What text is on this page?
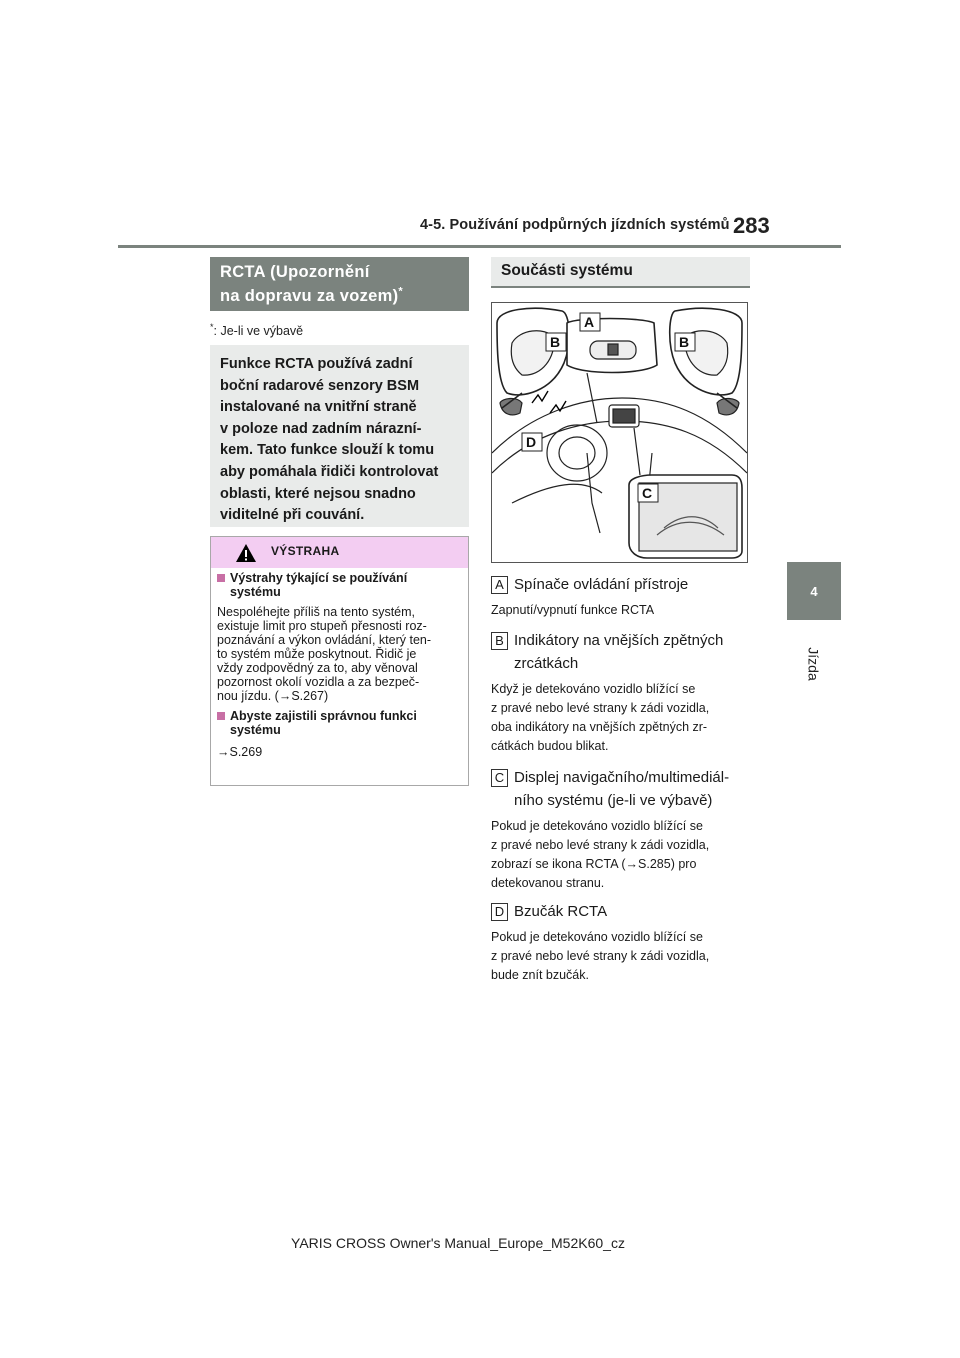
4-5. Používání podpůrných jízdních systémů 283
4
Jízda
RCTA (Upozornění
na dopravu za vozem)*
*: Je-li ve výbavě
Funkce RCTA používá zadní
boční radarové senzory BSM
instalované na vnitřní straně
v poloze nad zadním nárazní-
kem. Tato funkce slouží k tomu
aby pomáhala řidiči kontrolovat
oblasti, které nejsou snadno
viditelné při couvání.
VÝSTRAHA
Výstrahy týkající se používání
systému
Nespoléhejte příliš na tento systém,
existuje limit pro stupeň přesnosti roz-
poznávání a výkon ovládání, který ten-
to systém může poskytnout. Řidič je
vždy zodpovědný za to, aby věnoval
pozornost okolí vozidla a za bezpeč-
nou jízdu. (→S.267)
Abyste zajistili správnou funkci
systému
→S.269
Součásti systému
A
B	B
D
C
A Spínače ovládání přístroje
Zapnutí/vypnutí funkce RCTA
B Indikátory na vnějších zpětných
zrcátkách
Když je detekováno vozidlo blížící se
z pravé nebo levé strany k zádi vozidla,
oba indikátory na vnějších zpětných zr-
cátkách budou blikat.
C Displej navigačního/multimediál-
ního systému (je-li ve výbavě)
Pokud je detekováno vozidlo blížící se
z pravé nebo levé strany k zádi vozidla,
zobrazí se ikona RCTA (→S.285) pro
detekovanou stranu.
D Bzučák RCTA
Pokud je detekováno vozidlo blížící se
z pravé nebo levé strany k zádi vozidla,
bude znít bzučák.
YARIS CROSS Owner's Manual_Europe_M52K60_cz
